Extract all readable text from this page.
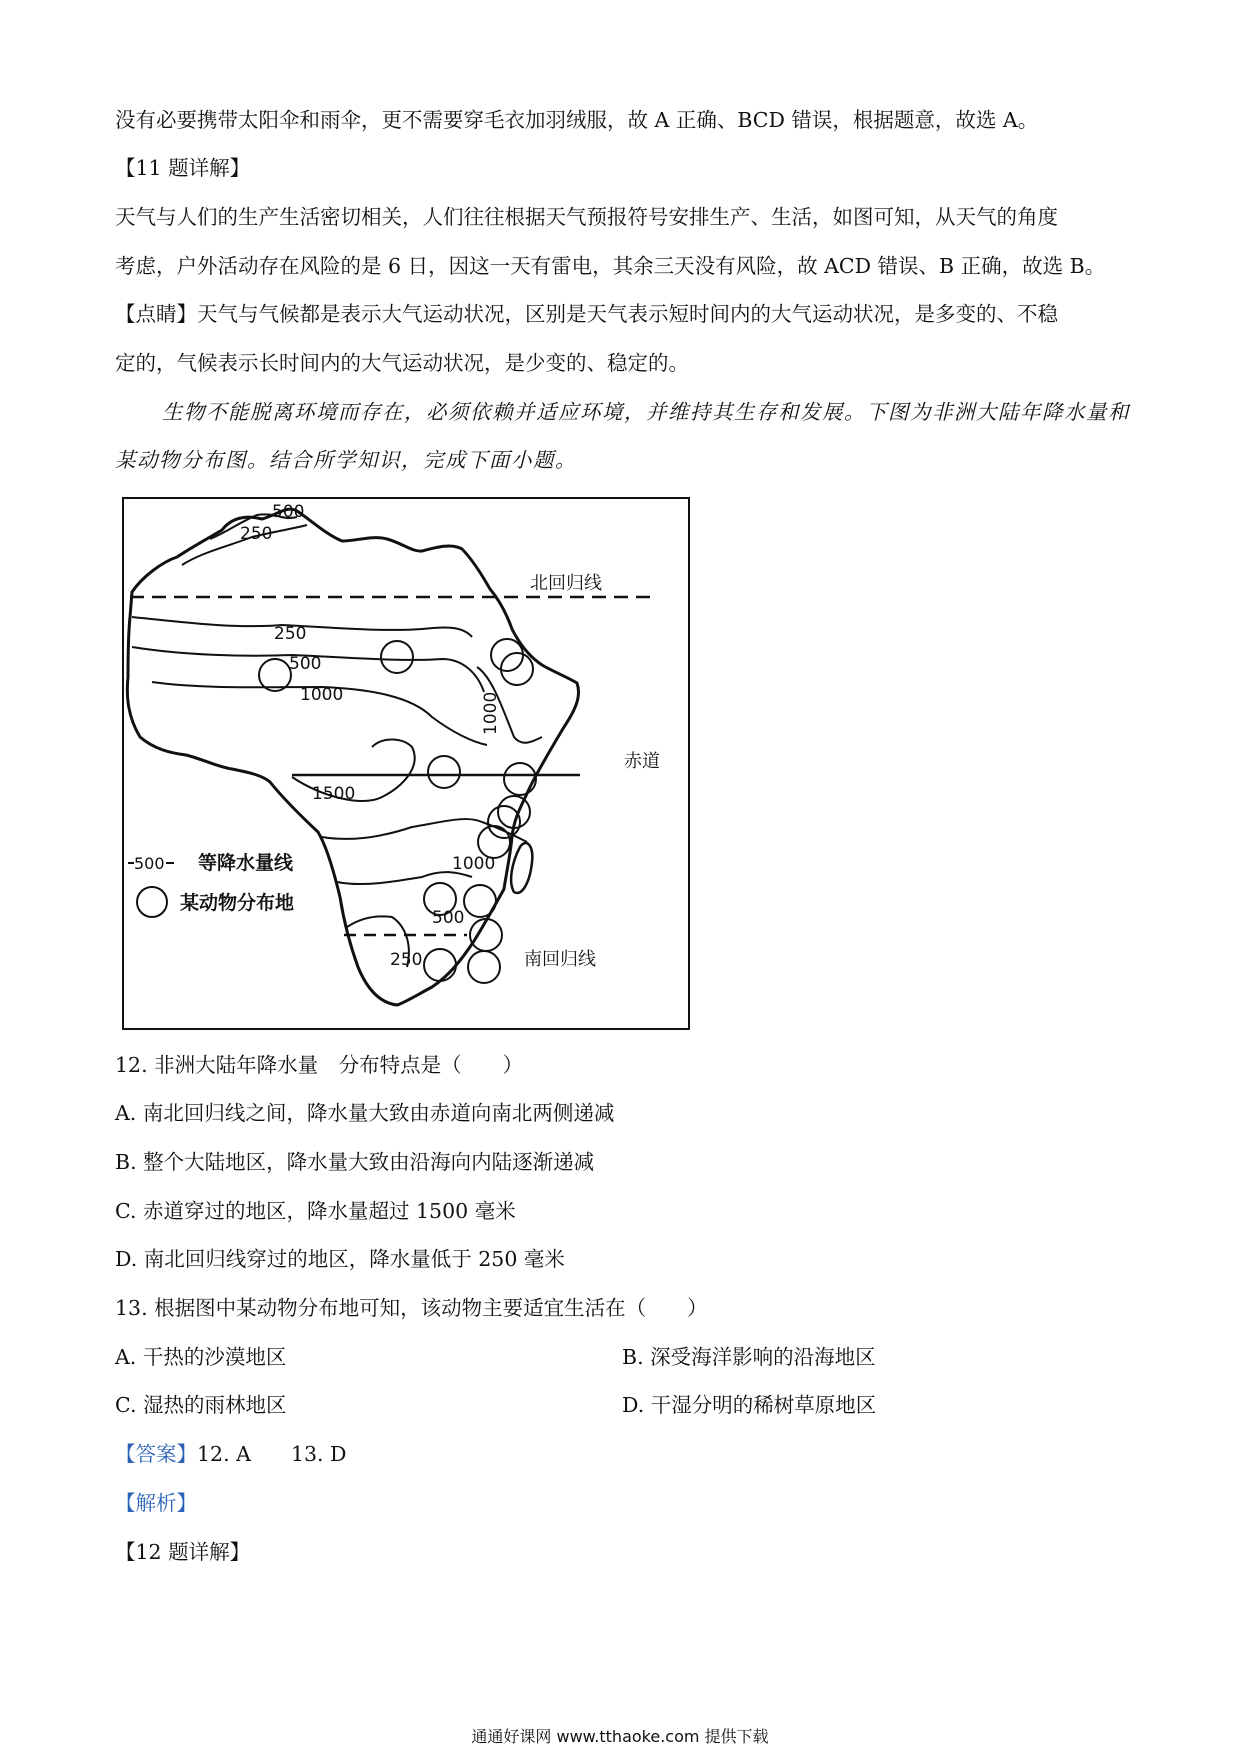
没有必要携带太阳伞和雨伞，更不需要穿毛衣加羽绒服，故 A 正确、BCD 错误，根据题意，故选 A。
【11 题详解】
天气与人们的生产生活密切相关，人们往往根据天气预报符号安排生产、生活，如图可知，从天气的角度
考虑，户外活动存在风险的是 6 日，因这一天有雷电，其余三天没有风险，故 ACD 错误、B 正确，故选 B。
【点睛】天气与气候都是表示大气运动状况，区别是天气表示短时间内的大气运动状况，是多变的、不稳
定的，气候表示长时间内的大气运动状况，是少变的、稳定的。
生物不能脱离环境而存在，必须依赖并适应环境，并维持其生存和发展。下图为非洲大陆年降水量和
某动物分布图。结合所学知识，完成下面小题。
500
250
250
500
1000	1000
1500
1000
500
250
北回归线
赤道
南回归线
500 等降水量线
某动物分布地
12. 非洲大陆年降水量　分布特点是（　　）
A. 南北回归线之间，降水量大致由赤道向南北两侧递减
B. 整个大陆地区，降水量大致由沿海向内陆逐渐递减
C. 赤道穿过的地区，降水量超过 1500 毫米
D. 南北回归线穿过的地区，降水量低于 250 毫米
13. 根据图中某动物分布地可知，该动物主要适宜生活在（　　）
A. 干热的沙漠地区	B. 深受海洋影响的沿海地区
C. 湿热的雨林地区	D. 干湿分明的稀树草原地区
【答案】12. A 13. D
【解析】
【12 题详解】
通通好课网 www.tthaoke.com 提供下载
